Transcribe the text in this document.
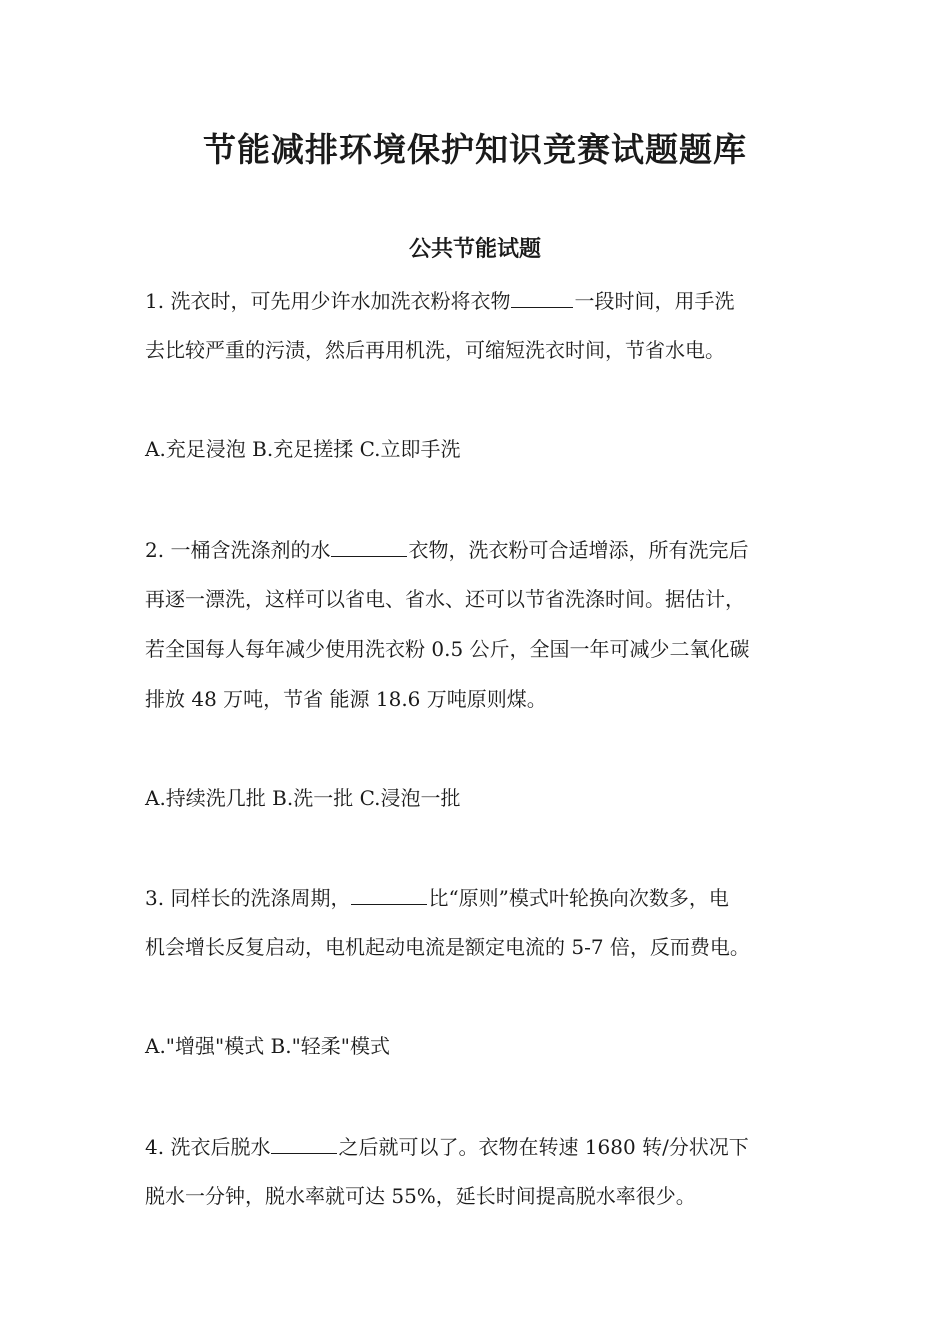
节能减排环境保护知识竞赛试题题库
公共节能试题
1. 洗衣时，可先用少许水加洗衣粉将衣物	一段时间，用手洗
去比较严重的污渍，然后再用机洗，可缩短洗衣时间，节省水电。
A.充足浸泡 B.充足搓揉 C.立即手洗
2. 一桶含洗涤剂的水	衣物，洗衣粉可合适增添，所有洗完后
再逐一漂洗，这样可以省电、省水、还可以节省洗涤时间。据估计，
若全国每人每年减少使用洗衣粉 0.5 公斤，全国一年可减少二氧化碳
排放 48 万吨，节省 能源 18.6 万吨原则煤。
A.持续洗几批 B.洗一批 C.浸泡一批
3. 同样长的洗涤周期，	比“原则”模式叶轮换向次数多，电
机会增长反复启动，电机起动电流是额定电流的 5-7 倍，反而费电。
A."增强"模式 B."轻柔"模式
4. 洗衣后脱水	之后就可以了。衣物在转速 1680 转/分状况下
脱水一分钟，脱水率就可达 55%，延长时间提高脱水率很少。
